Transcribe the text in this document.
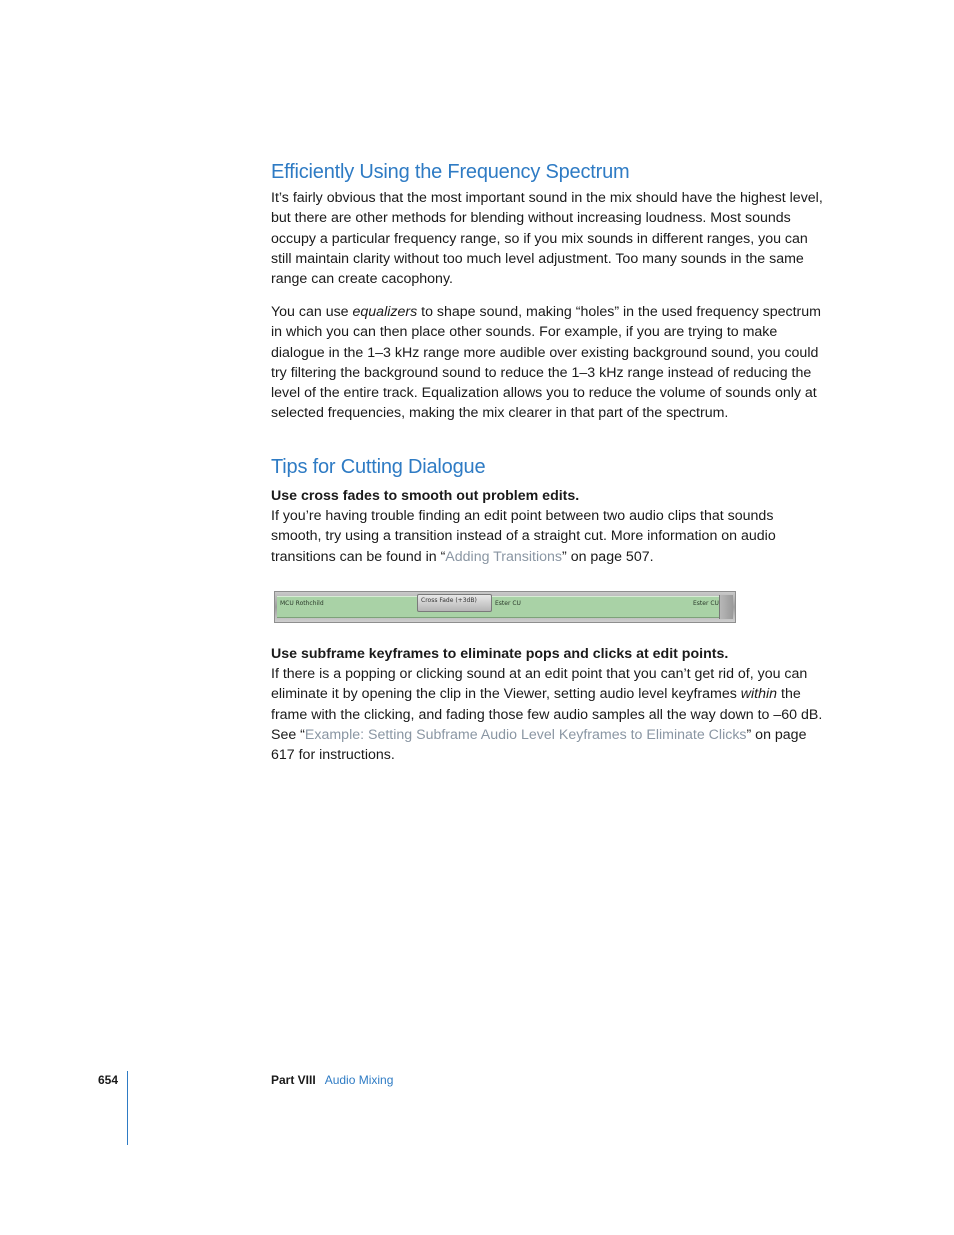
Efficiently Using the Frequency Spectrum

It’s fairly obvious that the most important sound in the mix should have the highest level, but there are other methods for blending without increasing loudness. Most sounds occupy a particular frequency range, so if you mix sounds in different ranges, you can still maintain clarity without too much level adjustment. Too many sounds in the same range can create cacophony.

You can use equalizers to shape sound, making “holes” in the used frequency spectrum in which you can then place other sounds. For example, if you are trying to make dialogue in the 1–3 kHz range more audible over existing background sound, you could try filtering the background sound to reduce the 1–3 kHz range instead of reducing the level of the entire track. Equalization allows you to reduce the volume of sounds only at selected frequencies, making the mix clearer in that part of the spectrum.

Tips for Cutting Dialogue

Use cross fades to smooth out problem edits.

If you’re having trouble finding an edit point between two audio clips that sounds smooth, try using a transition instead of a straight cut. More information on audio transitions can be found in “Adding Transitions” on page 507.

MCU Rothchild	Ester CU	Ester CU
Cross Fade (+3dB)

Use subframe keyframes to eliminate pops and clicks at edit points.

If there is a popping or clicking sound at an edit point that you can’t get rid of, you can eliminate it by opening the clip in the Viewer, setting audio level keyframes within the frame with the clicking, and fading those few audio samples all the way down to –60 dB. See “Example: Setting Subframe Audio Level Keyframes to Eliminate Clicks” on page 617 for instructions.

654	Part VIII Audio Mixing
